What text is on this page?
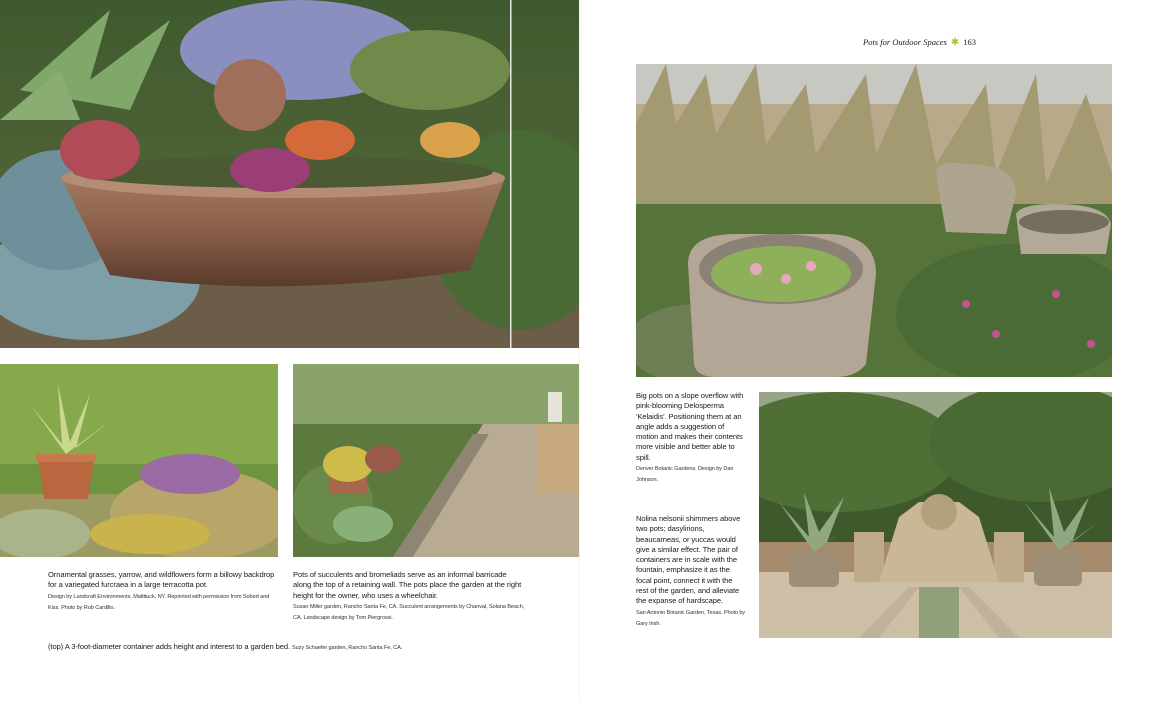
Ornamental grasses, yarrow, and wildflowers form a billowy backdrop for a variegated furcraea in a large terracotta pot.
Design by Landcraft Environments, Mattituck, NY. Reprinted with permission from Sobert and Kiss. Photo by Rob Cardillo.
Pots of succulents and bromeliads serve as an informal barricade along the top of a retaining wall. The pots place the garden at the right height for the owner, who uses a wheelchair.
Susan Miller garden, Rancho Santa Fe, CA. Succulent arrangements by Chanval, Solana Beach, CA. Landscape design by Tom Piergrossi.
(top) A 3-foot-diameter container adds height and interest to a garden bed. Suzy Schaefer garden, Rancho Santa Fe, CA.
Pots for Outdoor Spaces ✱ 163
Big pots on a slope overflow with pink-blooming Delosperma 'Kelaidis'. Positioning them at an angle adds a suggestion of motion and makes their contents more visible and better able to spill.
Denver Botanic Gardens. Design by Dan Johnson.
Nolina nelsonii shimmers above two pots; dasylirions, beaucarneas, or yuccas would give a similar effect. The pair of containers are in scale with the fountain, emphasize it as the focal point, connect it with the rest of the garden, and alleviate the expanse of hardscape.
San Antonio Botanic Garden, Texas. Photo by Gary Irish.
